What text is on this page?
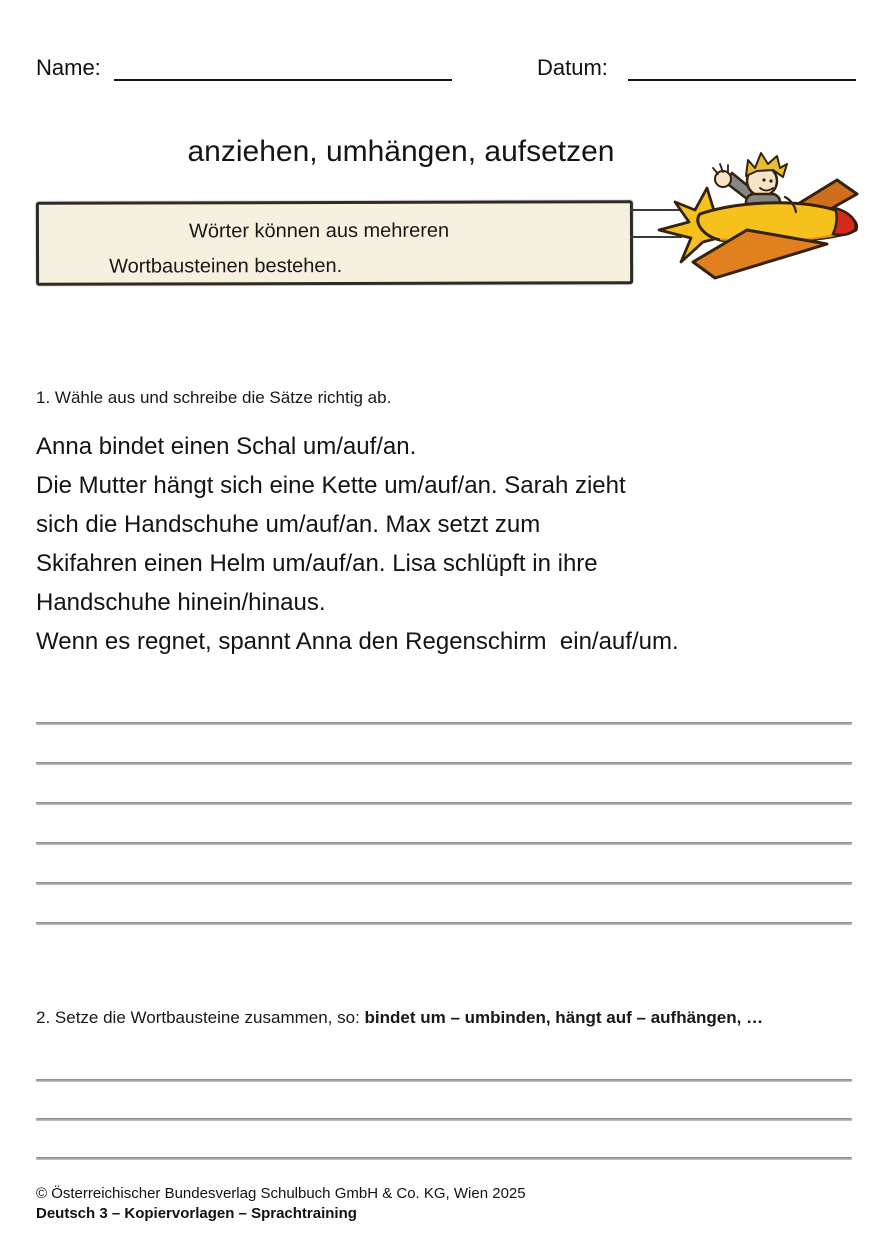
Name:	Datum:
anziehen, umhängen, aufsetzen
Wörter können aus mehreren
Wortbausteinen bestehen.
1. Wähle aus und schreibe die Sätze richtig ab.

Anna bindet einen Schal um/auf/an.

Die Mutter hängt sich eine Kette um/auf/an. Sarah zieht

sich die Handschuhe um/auf/an. Max setzt zum

Skifahren einen Helm um/auf/an. Lisa schlüpft in ihre

Handschuhe hinein/hinaus.

Wenn es regnet, spannt Anna den Regenschirm  ein/auf/um.

2. Setze die Wortbausteine zusammen, so: bindet um – umbinden, hängt auf – aufhängen, …
© Österreichischer Bundesverlag Schulbuch GmbH & Co. KG, Wien 2025
Deutsch 3 – Kopiervorlagen – Sprachtraining
